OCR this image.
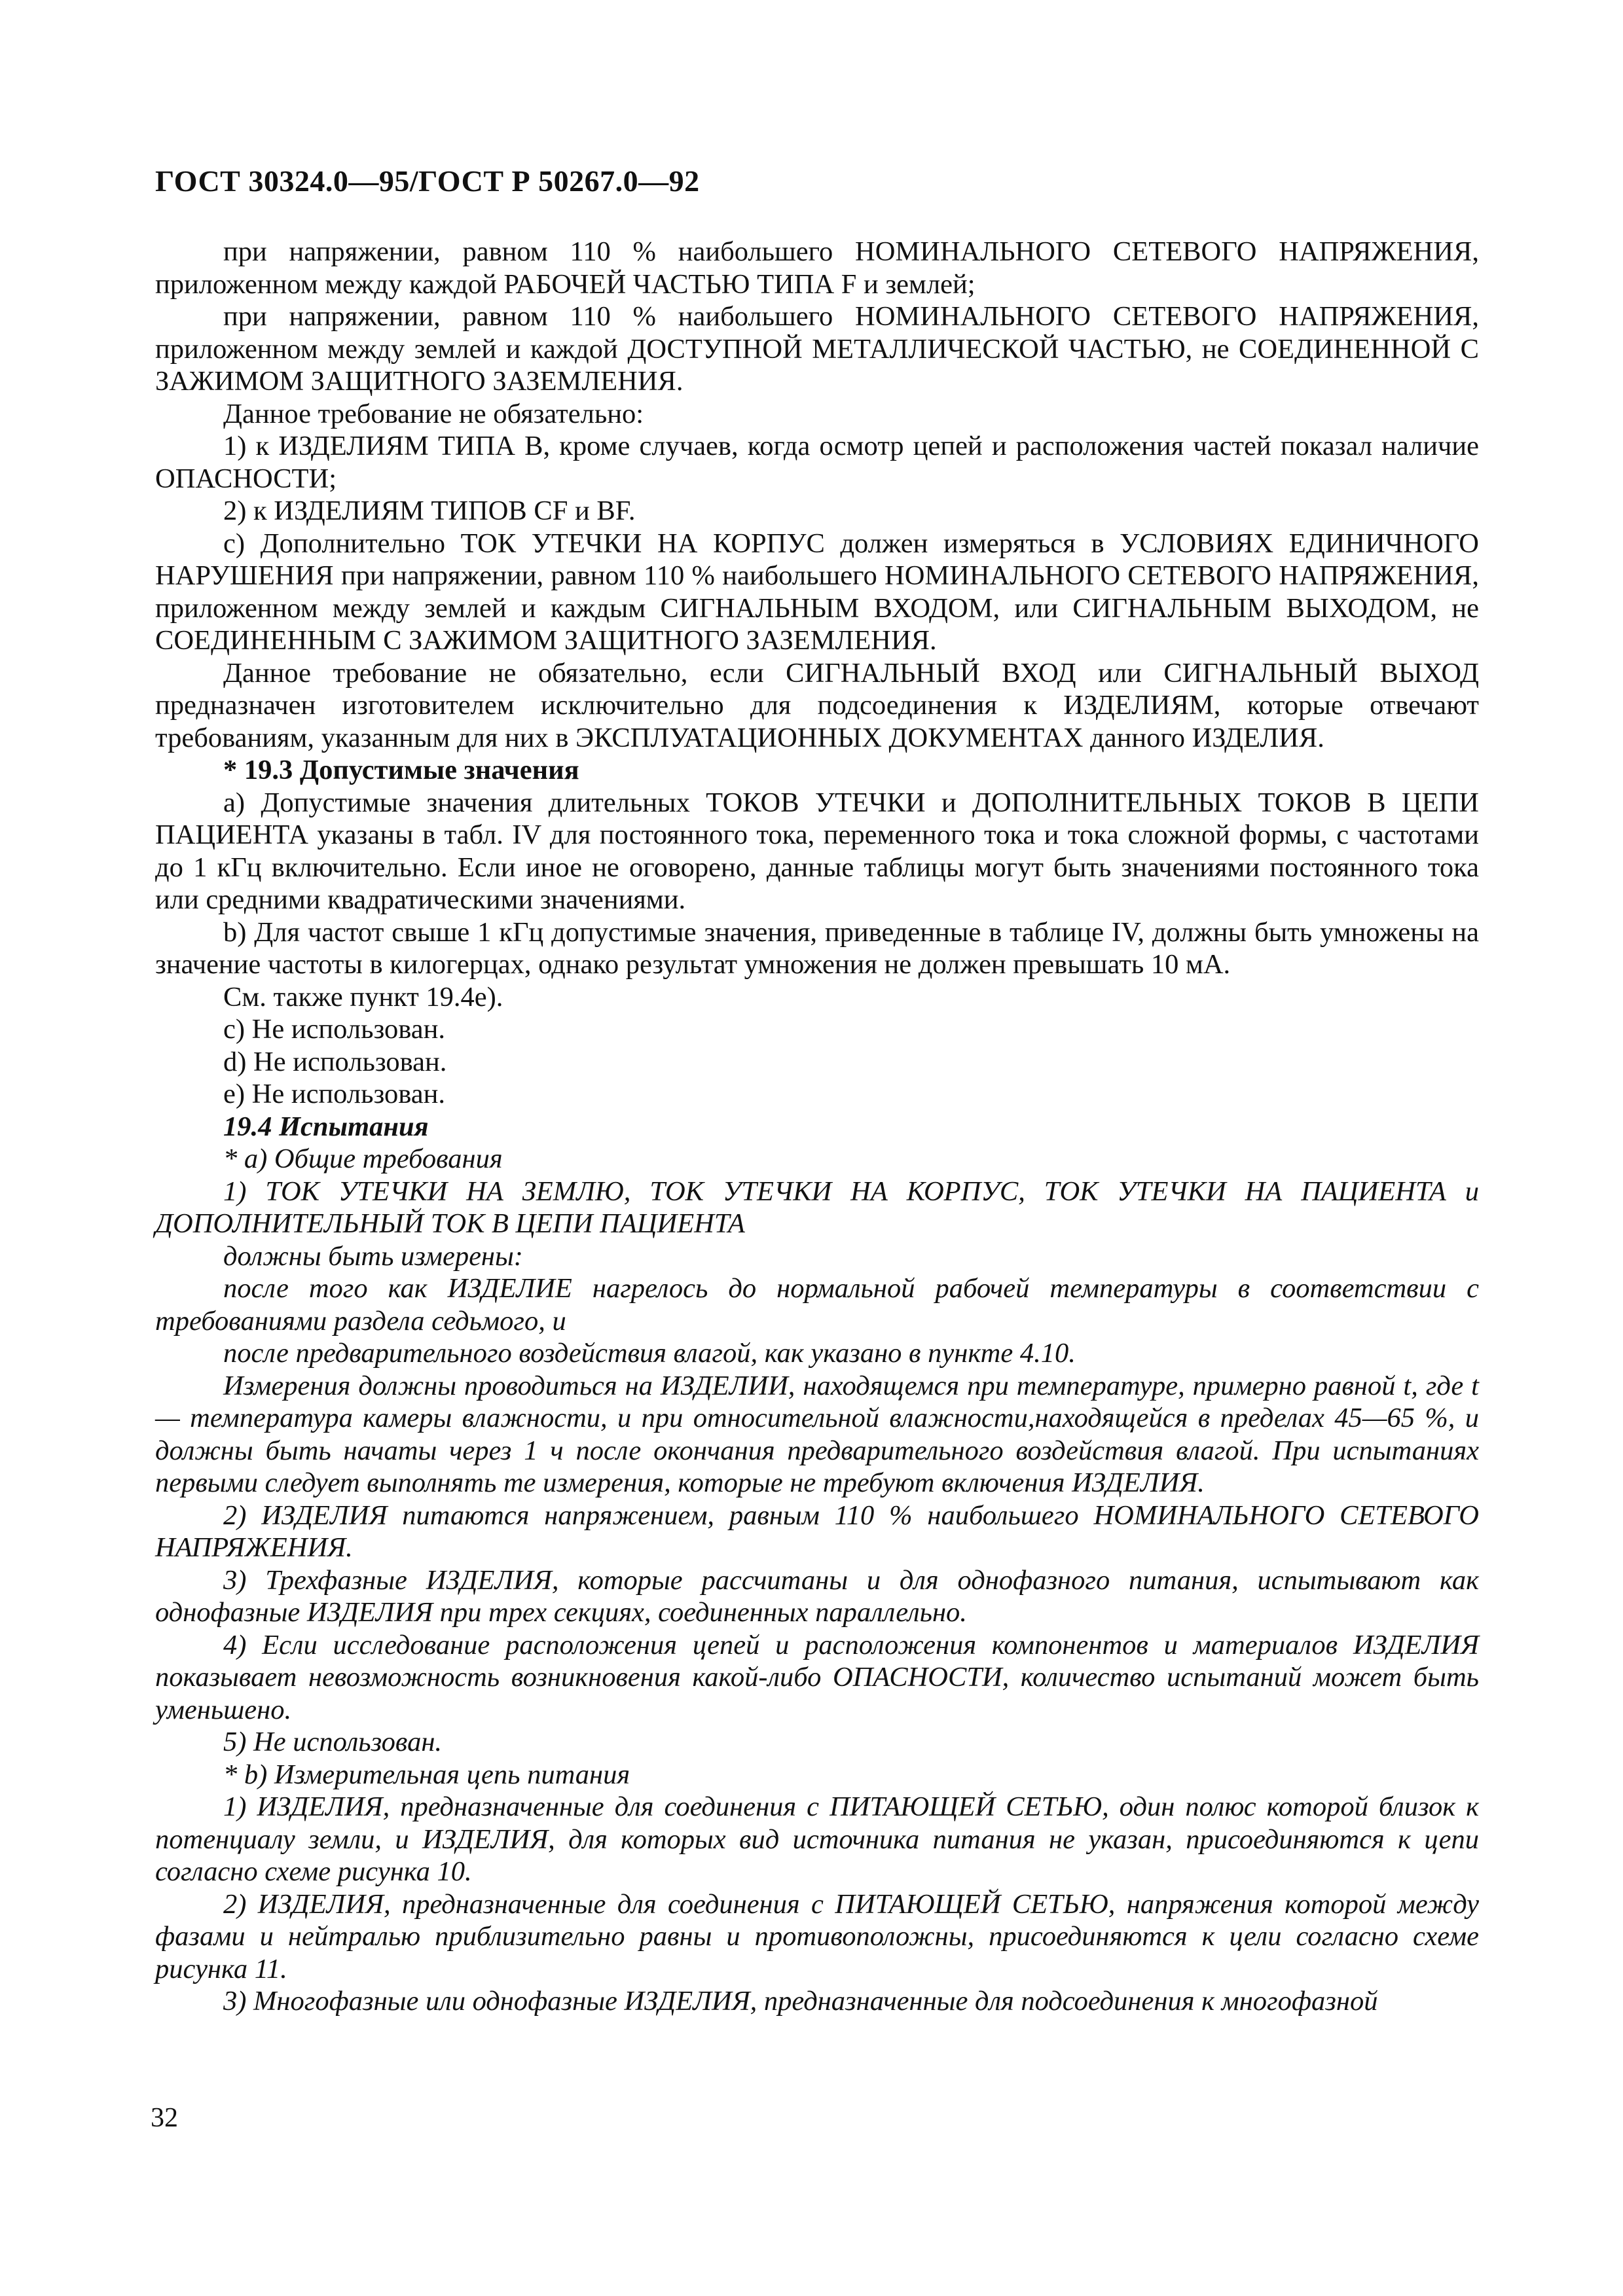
ГОСТ 30324.0—95/ГОСТ Р 50267.0—92

при напряжении, равном 110 % наибольшего НОМИНАЛЬНОГО СЕТЕВОГО НАПРЯЖЕНИЯ, приложенном между каждой РАБОЧЕЙ ЧАСТЬЮ ТИПА F и землей;

при напряжении, равном 110 % наибольшего НОМИНАЛЬНОГО СЕТЕВОГО НАПРЯЖЕНИЯ, приложенном между землей и каждой ДОСТУПНОЙ МЕТАЛЛИЧЕСКОЙ ЧАСТЬЮ, не СОЕДИНЕННОЙ С ЗАЖИМОМ ЗАЩИТНОГО ЗАЗЕМЛЕНИЯ.

Данное требование не обязательно:

1) к ИЗДЕЛИЯМ ТИПА В, кроме случаев, когда осмотр цепей и расположения частей показал наличие ОПАСНОСТИ;

2) к ИЗДЕЛИЯМ ТИПОВ CF и BF.

с) Дополнительно ТОК УТЕЧКИ НА КОРПУС должен измеряться в УСЛОВИЯХ ЕДИНИЧНОГО НАРУШЕНИЯ при напряжении, равном 110 % наибольшего НОМИНАЛЬНОГО СЕТЕВОГО НАПРЯЖЕНИЯ, приложенном между землей и каждым СИГНАЛЬНЫМ ВХОДОМ, или СИГНАЛЬНЫМ ВЫХОДОМ, не СОЕДИНЕННЫМ С ЗАЖИМОМ ЗАЩИТНОГО ЗАЗЕМЛЕНИЯ.

Данное требование не обязательно, если СИГНАЛЬНЫЙ ВХОД или СИГНАЛЬНЫЙ ВЫХОД предназначен изготовителем исключительно для подсоединения к ИЗДЕЛИЯМ, которые отвечают требованиям, указанным для них в ЭКСПЛУАТАЦИОННЫХ ДОКУМЕНТАХ данного ИЗДЕЛИЯ.

* 19.3 Допустимые значения

а) Допустимые значения длительных ТОКОВ УТЕЧКИ и ДОПОЛНИТЕЛЬНЫХ ТОКОВ В ЦЕПИ ПАЦИЕНТА указаны в табл. IV для постоянного тока, переменного тока и тока сложной формы, с частотами до 1 кГц включительно. Если иное не оговорено, данные таблицы могут быть значениями постоянного тока или средними квадратическими значениями.

b) Для частот свыше 1 кГц допустимые значения, приведенные в таблице IV, должны быть умножены на значение частоты в килогерцах, однако результат умножения не должен превышать 10 мА.

См. также пункт 19.4е).

с) Не использован.

d) Не использован.

е) Не использован.

19.4 Испытания

* а) Общие требования

1) ТОК УТЕЧКИ НА ЗЕМЛЮ, ТОК УТЕЧКИ НА КОРПУС, ТОК УТЕЧКИ НА ПАЦИЕНТА и ДОПОЛНИТЕЛЬНЫЙ ТОК В ЦЕПИ ПАЦИЕНТА

должны быть измерены:

после того как ИЗДЕЛИЕ нагрелось до нормальной рабочей температуры в соответствии с требованиями раздела седьмого, и

после предварительного воздействия влагой, как указано в пункте 4.10.

Измерения должны проводиться на ИЗДЕЛИИ, находящемся при температуре, примерно равной t, где t — температура камеры влажности, и при относительной влажности,находящейся в пределах 45—65 %, и должны быть начаты через 1 ч после окончания предварительного воздействия влагой. При испытаниях первыми следует выполнять те измерения, которые не требуют включения ИЗДЕЛИЯ.

2) ИЗДЕЛИЯ питаются напряжением, равным 110 % наибольшего НОМИНАЛЬНОГО СЕТЕВОГО НАПРЯЖЕНИЯ.

3) Трехфазные ИЗДЕЛИЯ, которые рассчитаны и для однофазного питания, испытывают как однофазные ИЗДЕЛИЯ при трех секциях, соединенных параллельно.

4) Если исследование расположения цепей и расположения компонентов и материалов ИЗДЕЛИЯ показывает невозможность возникновения какой-либо ОПАСНОСТИ, количество испытаний может быть уменьшено.

5) Не использован.

* b) Измерительная цепь питания

1) ИЗДЕЛИЯ, предназначенные для соединения с ПИТАЮЩЕЙ СЕТЬЮ, один полюс которой близок к потенциалу земли, и ИЗДЕЛИЯ, для которых вид источника питания не указан, присоединяются к цепи согласно схеме рисунка 10.

2) ИЗДЕЛИЯ, предназначенные для соединения с ПИТАЮЩЕЙ СЕТЬЮ, напряжения которой между фазами и нейтралью приблизительно равны и противоположны, присоединяются к цели согласно схеме рисунка 11.

3) Многофазные или однофазные ИЗДЕЛИЯ, предназначенные для подсоединения к многофазной

32
